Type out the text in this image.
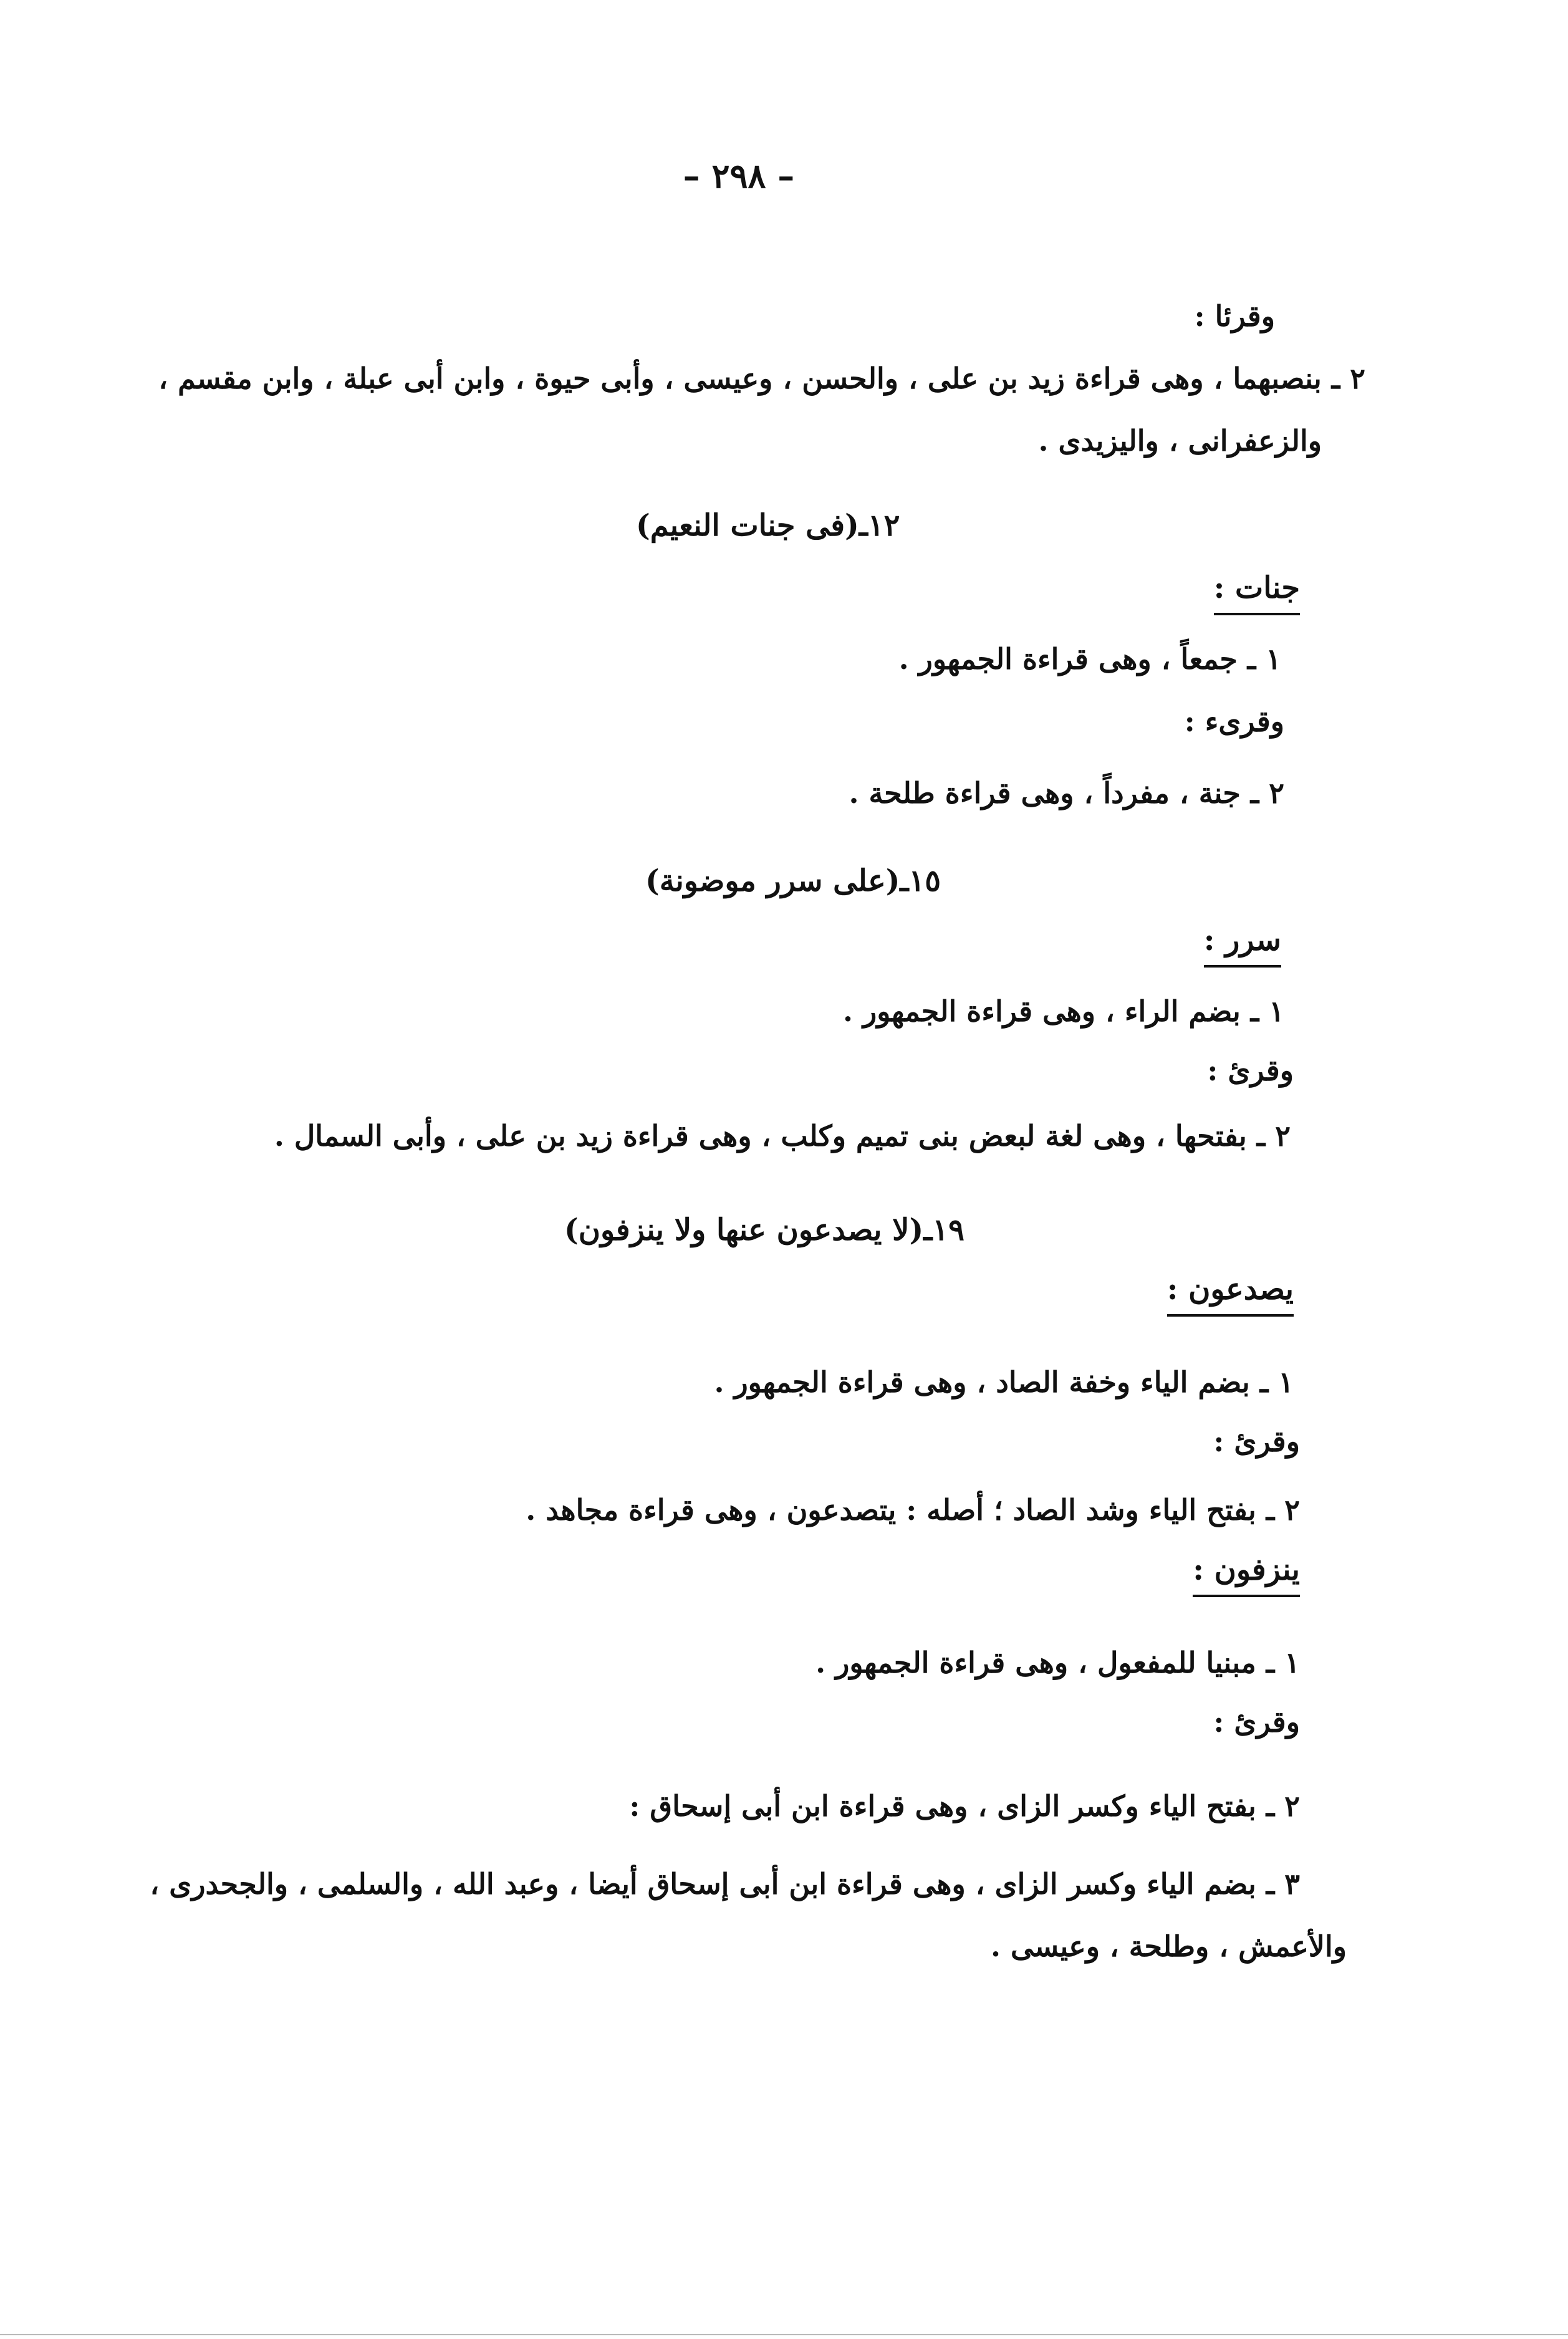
– ٢٩٨ –
وقرئا :
٢ ـ بنصبهما ، وهى قراءة زيد بن على ، والحسن ، وعيسى ، وأبى حيوة ، وابن أبى عبلة ، وابن مقسم ،
والزعفرانى ، واليزيدى .
١٢ـ(فى جنات النعيم)
جنات :
١ ـ جمعاً ، وهى قراءة الجمهور .
وقرىء :
٢ ـ جنة ، مفرداً ، وهى قراءة طلحة .
١٥ـ(على سرر موضونة)
سرر :
١ ـ بضم الراء ، وهى قراءة الجمهور .
وقرئ :
٢ ـ بفتحها ، وهى لغة لبعض بنى تميم وكلب ، وهى قراءة زيد بن على ، وأبى السمال .
١٩ـ(لا يصدعون عنها ولا ينزفون)
يصدعون :
١ ـ بضم الياء وخفة الصاد ، وهى قراءة الجمهور .
وقرئ :
٢ ـ بفتح الياء وشد الصاد ؛ أصله : يتصدعون ، وهى قراءة مجاهد .
ينزفون :
١ ـ مبنيا للمفعول ، وهى قراءة الجمهور .
وقرئ :
٢ ـ بفتح الياء وكسر الزاى ، وهى قراءة ابن أبى إسحاق :
٣ ـ بضم الياء وكسر الزاى ، وهى قراءة ابن أبى إسحاق أيضا ، وعبد الله ، والسلمى ، والجحدرى ،
والأعمش ، وطلحة ، وعيسى .
